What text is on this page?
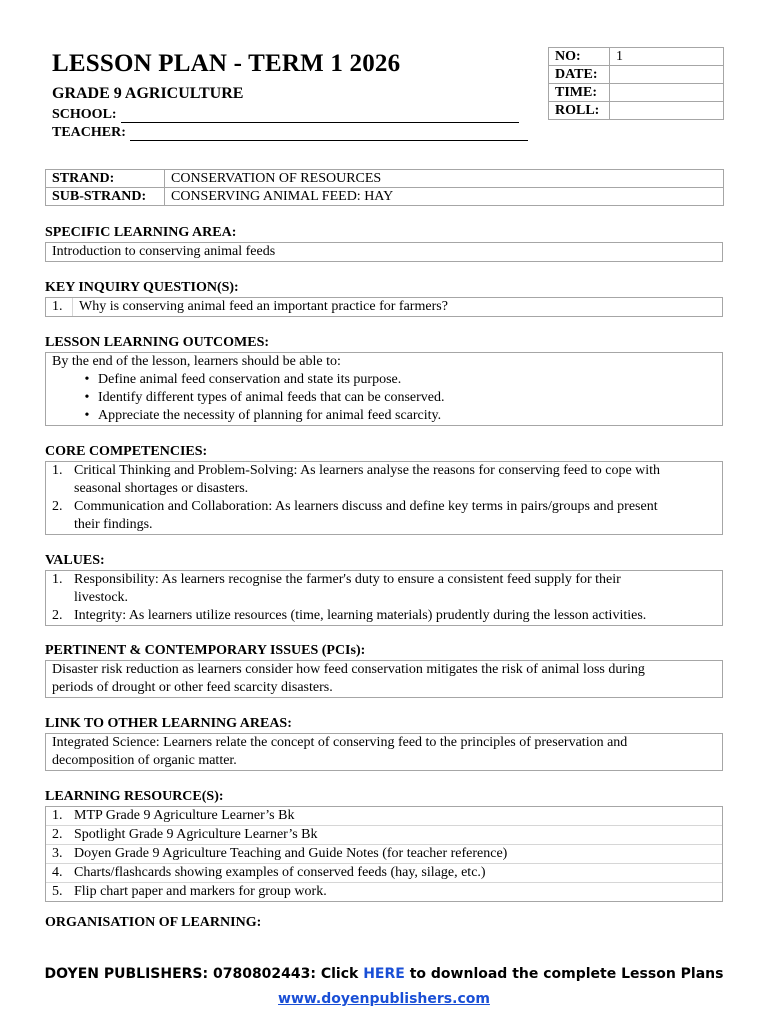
LESSON PLAN - TERM 1 2026
GRADE 9 AGRICULTURE
SCHOOL:
TEACHER:
NO:	1
DATE:	
TIME:	
ROLL:	
STRAND:	CONSERVATION OF RESOURCES
SUB-STRAND:	CONSERVING ANIMAL FEED: HAY
SPECIFIC LEARNING AREA:
Introduction to conserving animal feeds
KEY INQUIRY QUESTION(S):
1.	Why is conserving animal feed an important practice for farmers?
LESSON LEARNING OUTCOMES:
By the end of the lesson, learners should be able to:
• Define animal feed conservation and state its purpose.
• Identify different types of animal feeds that can be conserved.
• Appreciate the necessity of planning for animal feed scarcity.
CORE COMPETENCIES:
1. Critical Thinking and Problem-Solving: As learners analyse the reasons for conserving feed to cope with
seasonal shortages or disasters.
2. Communication and Collaboration: As learners discuss and define key terms in pairs/groups and present
their findings.
VALUES:
1. Responsibility: As learners recognise the farmer's duty to ensure a consistent feed supply for their
livestock.
2. Integrity: As learners utilize resources (time, learning materials) prudently during the lesson activities.
PERTINENT & CONTEMPORARY ISSUES (PCIs):
Disaster risk reduction as learners consider how feed conservation mitigates the risk of animal loss during
periods of drought or other feed scarcity disasters.
LINK TO OTHER LEARNING AREAS:
Integrated Science: Learners relate the concept of conserving feed to the principles of preservation and
decomposition of organic matter.
LEARNING RESOURCE(S):
1. MTP Grade 9 Agriculture Learner’s Bk
2. Spotlight Grade 9 Agriculture Learner’s Bk
3. Doyen Grade 9 Agriculture Teaching and Guide Notes (for teacher reference)
4. Charts/flashcards showing examples of conserved feeds (hay, silage, etc.)
5. Flip chart paper and markers for group work.
ORGANISATION OF LEARNING:
DOYEN PUBLISHERS: 0780802443: Click HERE to download the complete Lesson Plans
www.doyenpublishers.com
